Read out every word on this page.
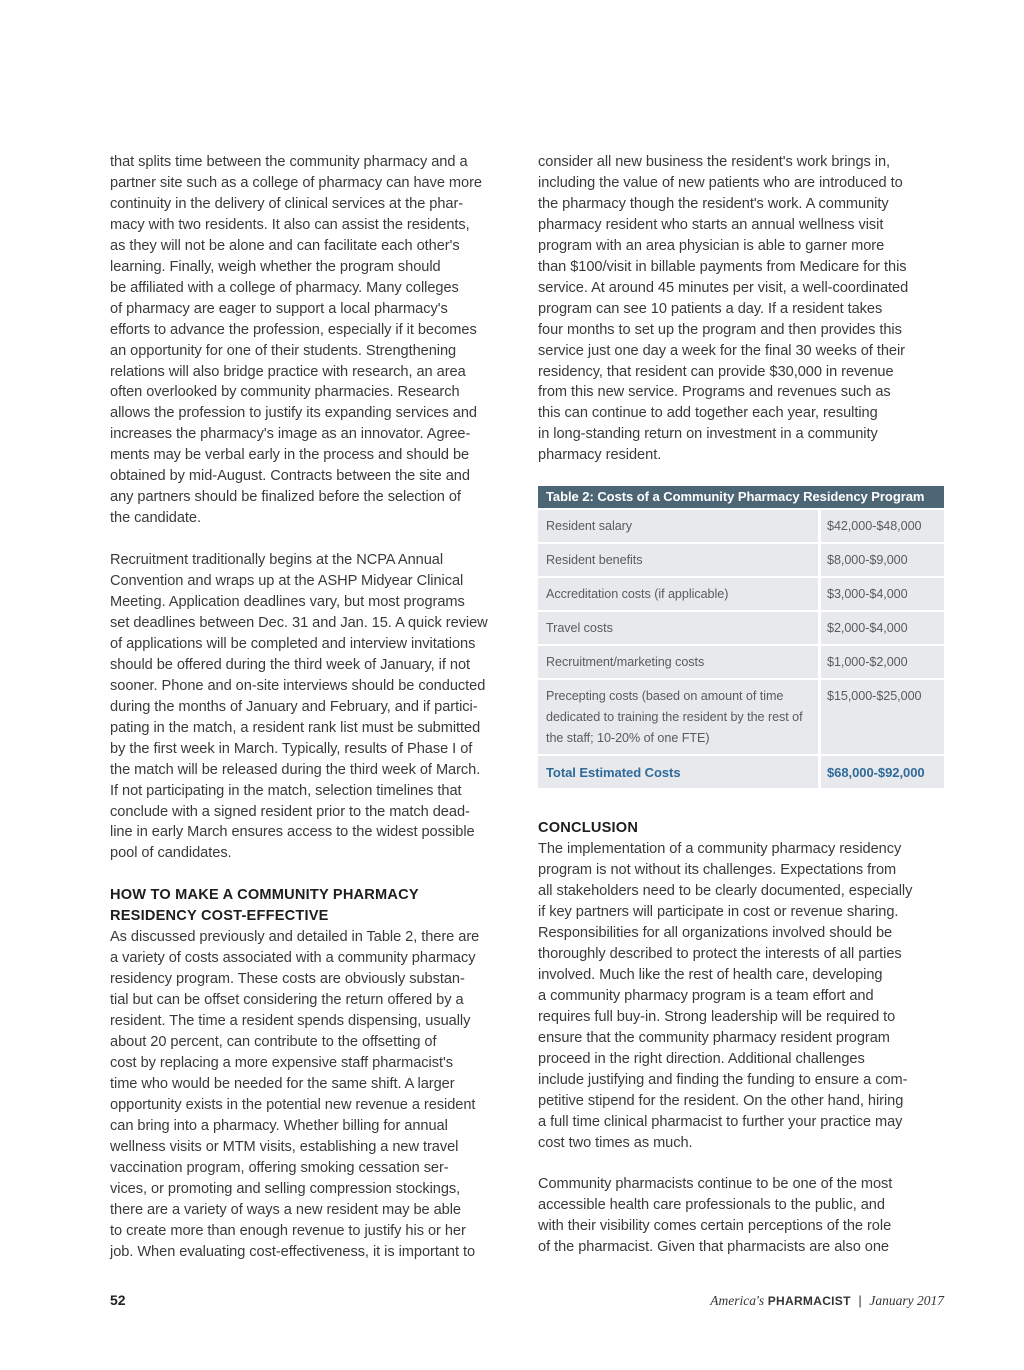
that splits time between the community pharmacy and a
partner site such as a college of pharmacy can have more
continuity in the delivery of clinical services at the phar-
macy with two residents. It also can assist the residents,
as they will not be alone and can facilitate each other's
learning. Finally, weigh whether the program should
be affiliated with a college of pharmacy. Many colleges
of pharmacy are eager to support a local pharmacy's
efforts to advance the profession, especially if it becomes
an opportunity for one of their students. Strengthening
relations will also bridge practice with research, an area
often overlooked by community pharmacies. Research
allows the profession to justify its expanding services and
increases the pharmacy's image as an innovator. Agree-
ments may be verbal early in the process and should be
obtained by mid-August. Contracts between the site and
any partners should be finalized before the selection of
the candidate.
Recruitment traditionally begins at the NCPA Annual
Convention and wraps up at the ASHP Midyear Clinical
Meeting. Application deadlines vary, but most programs
set deadlines between Dec. 31 and Jan. 15. A quick review
of applications will be completed and interview invitations
should be offered during the third week of January, if not
sooner. Phone and on-site interviews should be conducted
during the months of January and February, and if partici-
pating in the match, a resident rank list must be submitted
by the first week in March. Typically, results of Phase I of
the match will be released during the third week of March.
If not participating in the match, selection timelines that
conclude with a signed resident prior to the match dead-
line in early March ensures access to the widest possible
pool of candidates.
HOW TO MAKE A COMMUNITY PHARMACY
RESIDENCY COST-EFFECTIVE
As discussed previously and detailed in Table 2, there are
a variety of costs associated with a community pharmacy
residency program. These costs are obviously substan-
tial but can be offset considering the return offered by a
resident. The time a resident spends dispensing, usually
about 20 percent, can contribute to the offsetting of
cost by replacing a more expensive staff pharmacist's
time who would be needed for the same shift. A larger
opportunity exists in the potential new revenue a resident
can bring into a pharmacy. Whether billing for annual
wellness visits or MTM visits, establishing a new travel
vaccination program, offering smoking cessation ser-
vices, or promoting and selling compression stockings,
there are a variety of ways a new resident may be able
to create more than enough revenue to justify his or her
job. When evaluating cost-effectiveness, it is important to
consider all new business the resident's work brings in,
including the value of new patients who are introduced to
the pharmacy though the resident's work. A community
pharmacy resident who starts an annual wellness visit
program with an area physician is able to garner more
than $100/visit in billable payments from Medicare for this
service. At around 45 minutes per visit, a well-coordinated
program can see 10 patients a day. If a resident takes
four months to set up the program and then provides this
service just one day a week for the final 30 weeks of their
residency, that resident can provide $30,000 in revenue
from this new service. Programs and revenues such as
this can continue to add together each year, resulting
in long-standing return on investment in a community
pharmacy resident.
Table 2: Costs of a Community Pharmacy Residency Program
Resident salary	$42,000-$48,000
Resident benefits	$8,000-$9,000
Accreditation costs (if applicable)	$3,000-$4,000
Travel costs	$2,000-$4,000
Recruitment/marketing costs	$1,000-$2,000
Precepting costs (based on amount of time dedicated to training the resident by the rest of the staff; 10-20% of one FTE)	$15,000-$25,000
Total Estimated Costs	$68,000-$92,000
CONCLUSION
The implementation of a community pharmacy residency
program is not without its challenges. Expectations from
all stakeholders need to be clearly documented, especially
if key partners will participate in cost or revenue sharing.
Responsibilities for all organizations involved should be
thoroughly described to protect the interests of all parties
involved. Much like the rest of health care, developing
a community pharmacy program is a team effort and
requires full buy-in. Strong leadership will be required to
ensure that the community pharmacy resident program
proceed in the right direction. Additional challenges
include justifying and finding the funding to ensure a com-
petitive stipend for the resident. On the other hand, hiring
a full time clinical pharmacist to further your practice may
cost two times as much.
Community pharmacists continue to be one of the most
accessible health care professionals to the public, and
with their visibility comes certain perceptions of the role
of the pharmacist. Given that pharmacists are also one
52	America's PHARMACIST | January 2017
